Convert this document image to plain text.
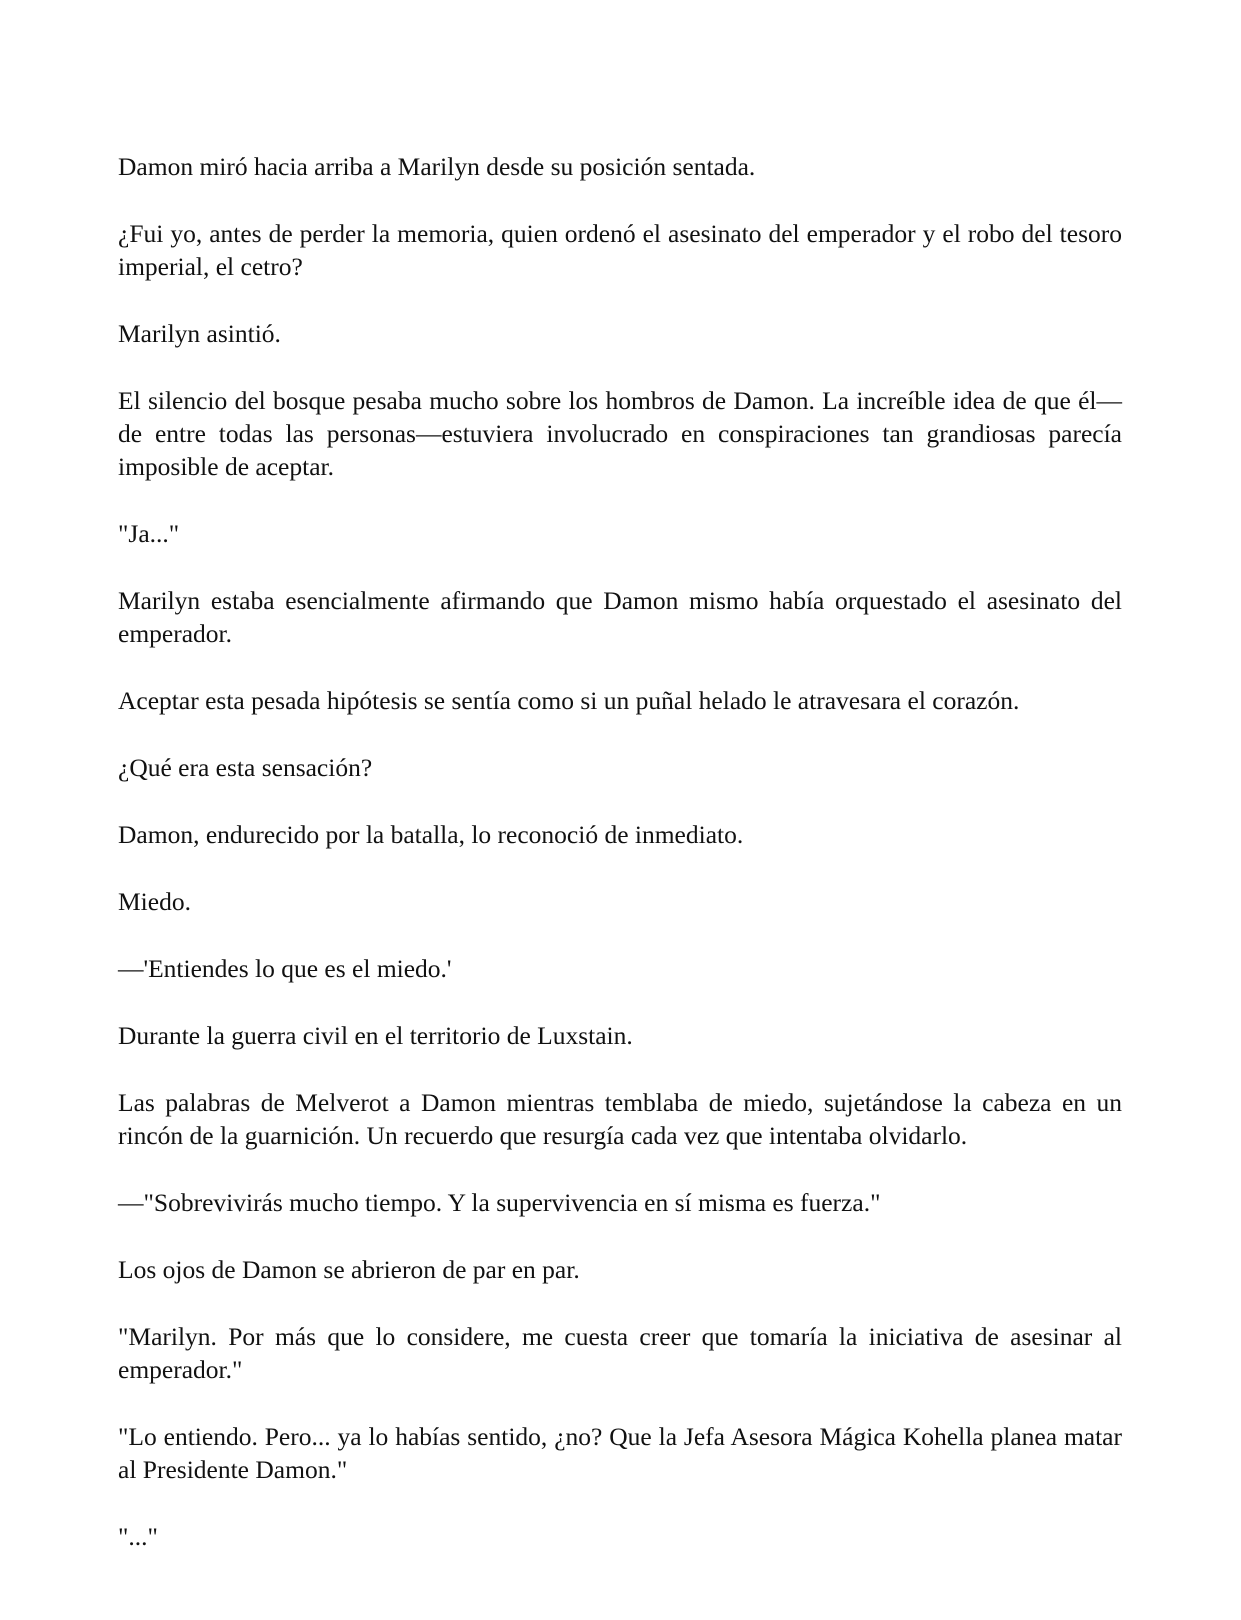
Damon miró hacia arriba a Marilyn desde su posición sentada.

¿Fui yo, antes de perder la memoria, quien ordenó el asesinato del emperador y el robo del tesoro imperial, el cetro?

Marilyn asintió.

El silencio del bosque pesaba mucho sobre los hombros de Damon. La increíble idea de que él—de entre todas las personas—estuviera involucrado en conspiraciones tan grandiosas parecía imposible de aceptar.

"Ja..."

Marilyn estaba esencialmente afirmando que Damon mismo había orquestado el asesinato del emperador.

Aceptar esta pesada hipótesis se sentía como si un puñal helado le atravesara el corazón.

¿Qué era esta sensación?

Damon, endurecido por la batalla, lo reconoció de inmediato.

Miedo.

—'Entiendes lo que es el miedo.'

Durante la guerra civil en el territorio de Luxstain.

Las palabras de Melverot a Damon mientras temblaba de miedo, sujetándose la cabeza en un rincón de la guarnición. Un recuerdo que resurgía cada vez que intentaba olvidarlo.

—"Sobrevivirás mucho tiempo. Y la supervivencia en sí misma es fuerza."

Los ojos de Damon se abrieron de par en par.

"Marilyn. Por más que lo considere, me cuesta creer que tomaría la iniciativa de asesinar al emperador."

"Lo entiendo. Pero... ya lo habías sentido, ¿no? Que la Jefa Asesora Mágica Kohella planea matar al Presidente Damon."

"..."
